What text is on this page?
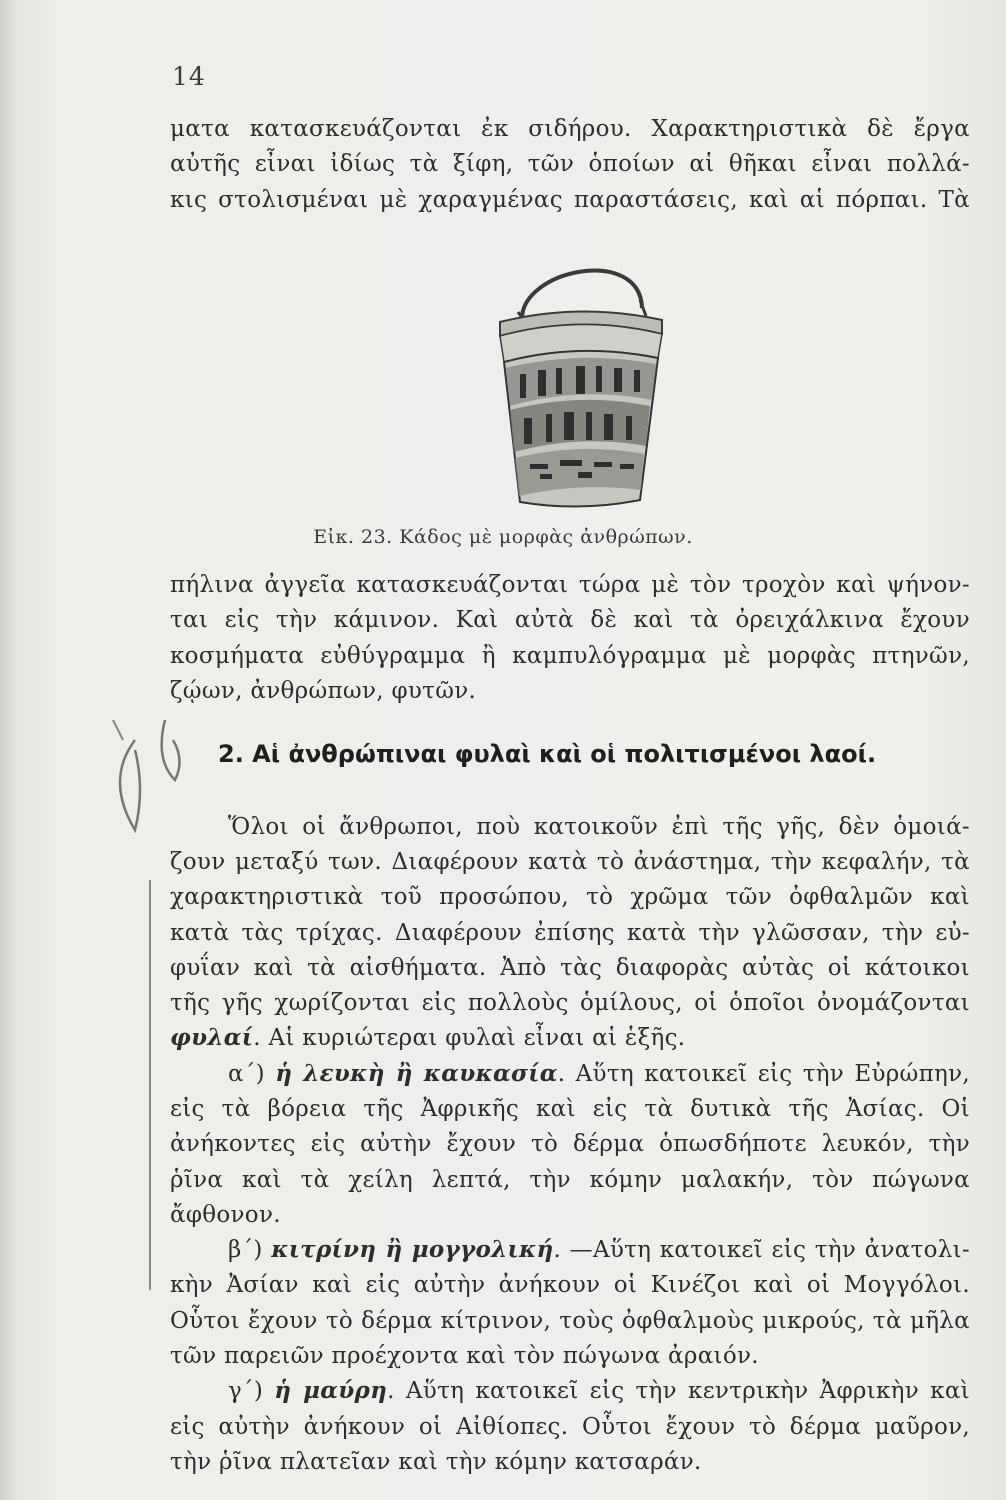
14
ματα κατασκευάζονται ἐκ σιδήρου. Χαρακτηριστικὰ δὲ ἔργα
αὐτῆς εἶναι ἰδίως τὰ ξίφη, τῶν ὁποίων αἱ θῆκαι εἶναι πολλά-
κις στολισμέναι μὲ χαραγμένας παραστάσεις, καὶ αἱ πόρπαι. Τὰ
Εἰκ. 23. Κάδος μὲ μορφὰς ἀνθρώπων.
πήλινα ἀγγεῖα κατασκευάζονται τώρα μὲ τὸν τροχὸν καὶ ψήνον-
ται εἰς τὴν κάμινον. Καὶ αὐτὰ δὲ καὶ τὰ ὀρειχάλκινα ἔχουν
κοσμήματα εὐθύγραμμα ἢ καμπυλόγραμμα μὲ μορφὰς πτηνῶν,
ζῴων, ἀνθρώπων, φυτῶν.
2. Αἱ ἀνθρώπιναι φυλαὶ καὶ οἱ πολιτισμένοι λαοί.
Ὅλοι οἱ ἄνθρωποι, ποὺ κατοικοῦν ἐπὶ τῆς γῆς, δὲν ὁμοιά-
ζουν μεταξύ των. Διαφέρουν κατὰ τὸ ἀνάστημα, τὴν κεφαλήν, τὰ
χαρακτηριστικὰ τοῦ προσώπου, τὸ χρῶμα τῶν ὀφθαλμῶν καὶ
κατὰ τὰς τρίχας. Διαφέρουν ἐπίσης κατὰ τὴν γλῶσσαν, τὴν εὐ-
φυΐαν καὶ τὰ αἰσθήματα. Ἀπὸ τὰς διαφορὰς αὐτὰς οἱ κάτοικοι
τῆς γῆς χωρίζονται εἰς πολλοὺς ὁμίλους, οἱ ὁποῖοι ὀνομάζονται
φυλαί. Αἱ κυριώτεραι φυλαὶ εἶναι αἱ ἑξῆς.
α΄) ἡ λευκὴ ἢ καυκασία. Αὕτη κατοικεῖ εἰς τὴν Εὐρώπην,
εἰς τὰ βόρεια τῆς Ἀφρικῆς καὶ εἰς τὰ δυτικὰ τῆς Ἀσίας. Οἱ
ἀνήκοντες εἰς αὐτὴν ἔχουν τὸ δέρμα ὁπωσδήποτε λευκόν, τὴν
ῥῖνα καὶ τὰ χείλη λεπτά, τὴν κόμην μαλακήν, τὸν πώγωνα
ἄφθονον.
β΄) κιτρίνη ἢ μογγολική. —Αὕτη κατοικεῖ εἰς τὴν ἀνατολι-
κὴν Ἀσίαν καὶ εἰς αὐτὴν ἀνήκουν οἱ Κινέζοι καὶ οἱ Μογγόλοι.
Οὗτοι ἔχουν τὸ δέρμα κίτρινον, τοὺς ὀφθαλμοὺς μικρούς, τὰ μῆλα
τῶν παρειῶν προέχοντα καὶ τὸν πώγωνα ἀραιόν.
γ΄) ἡ μαύρη. Αὕτη κατοικεῖ εἰς τὴν κεντρικὴν Ἀφρικὴν καὶ
εἰς αὐτὴν ἀνήκουν οἱ Αἰθίοπες. Οὗτοι ἔχουν τὸ δέρμα μαῦρον,
τὴν ῥῖνα πλατεῖαν καὶ τὴν κόμην κατσαράν.
